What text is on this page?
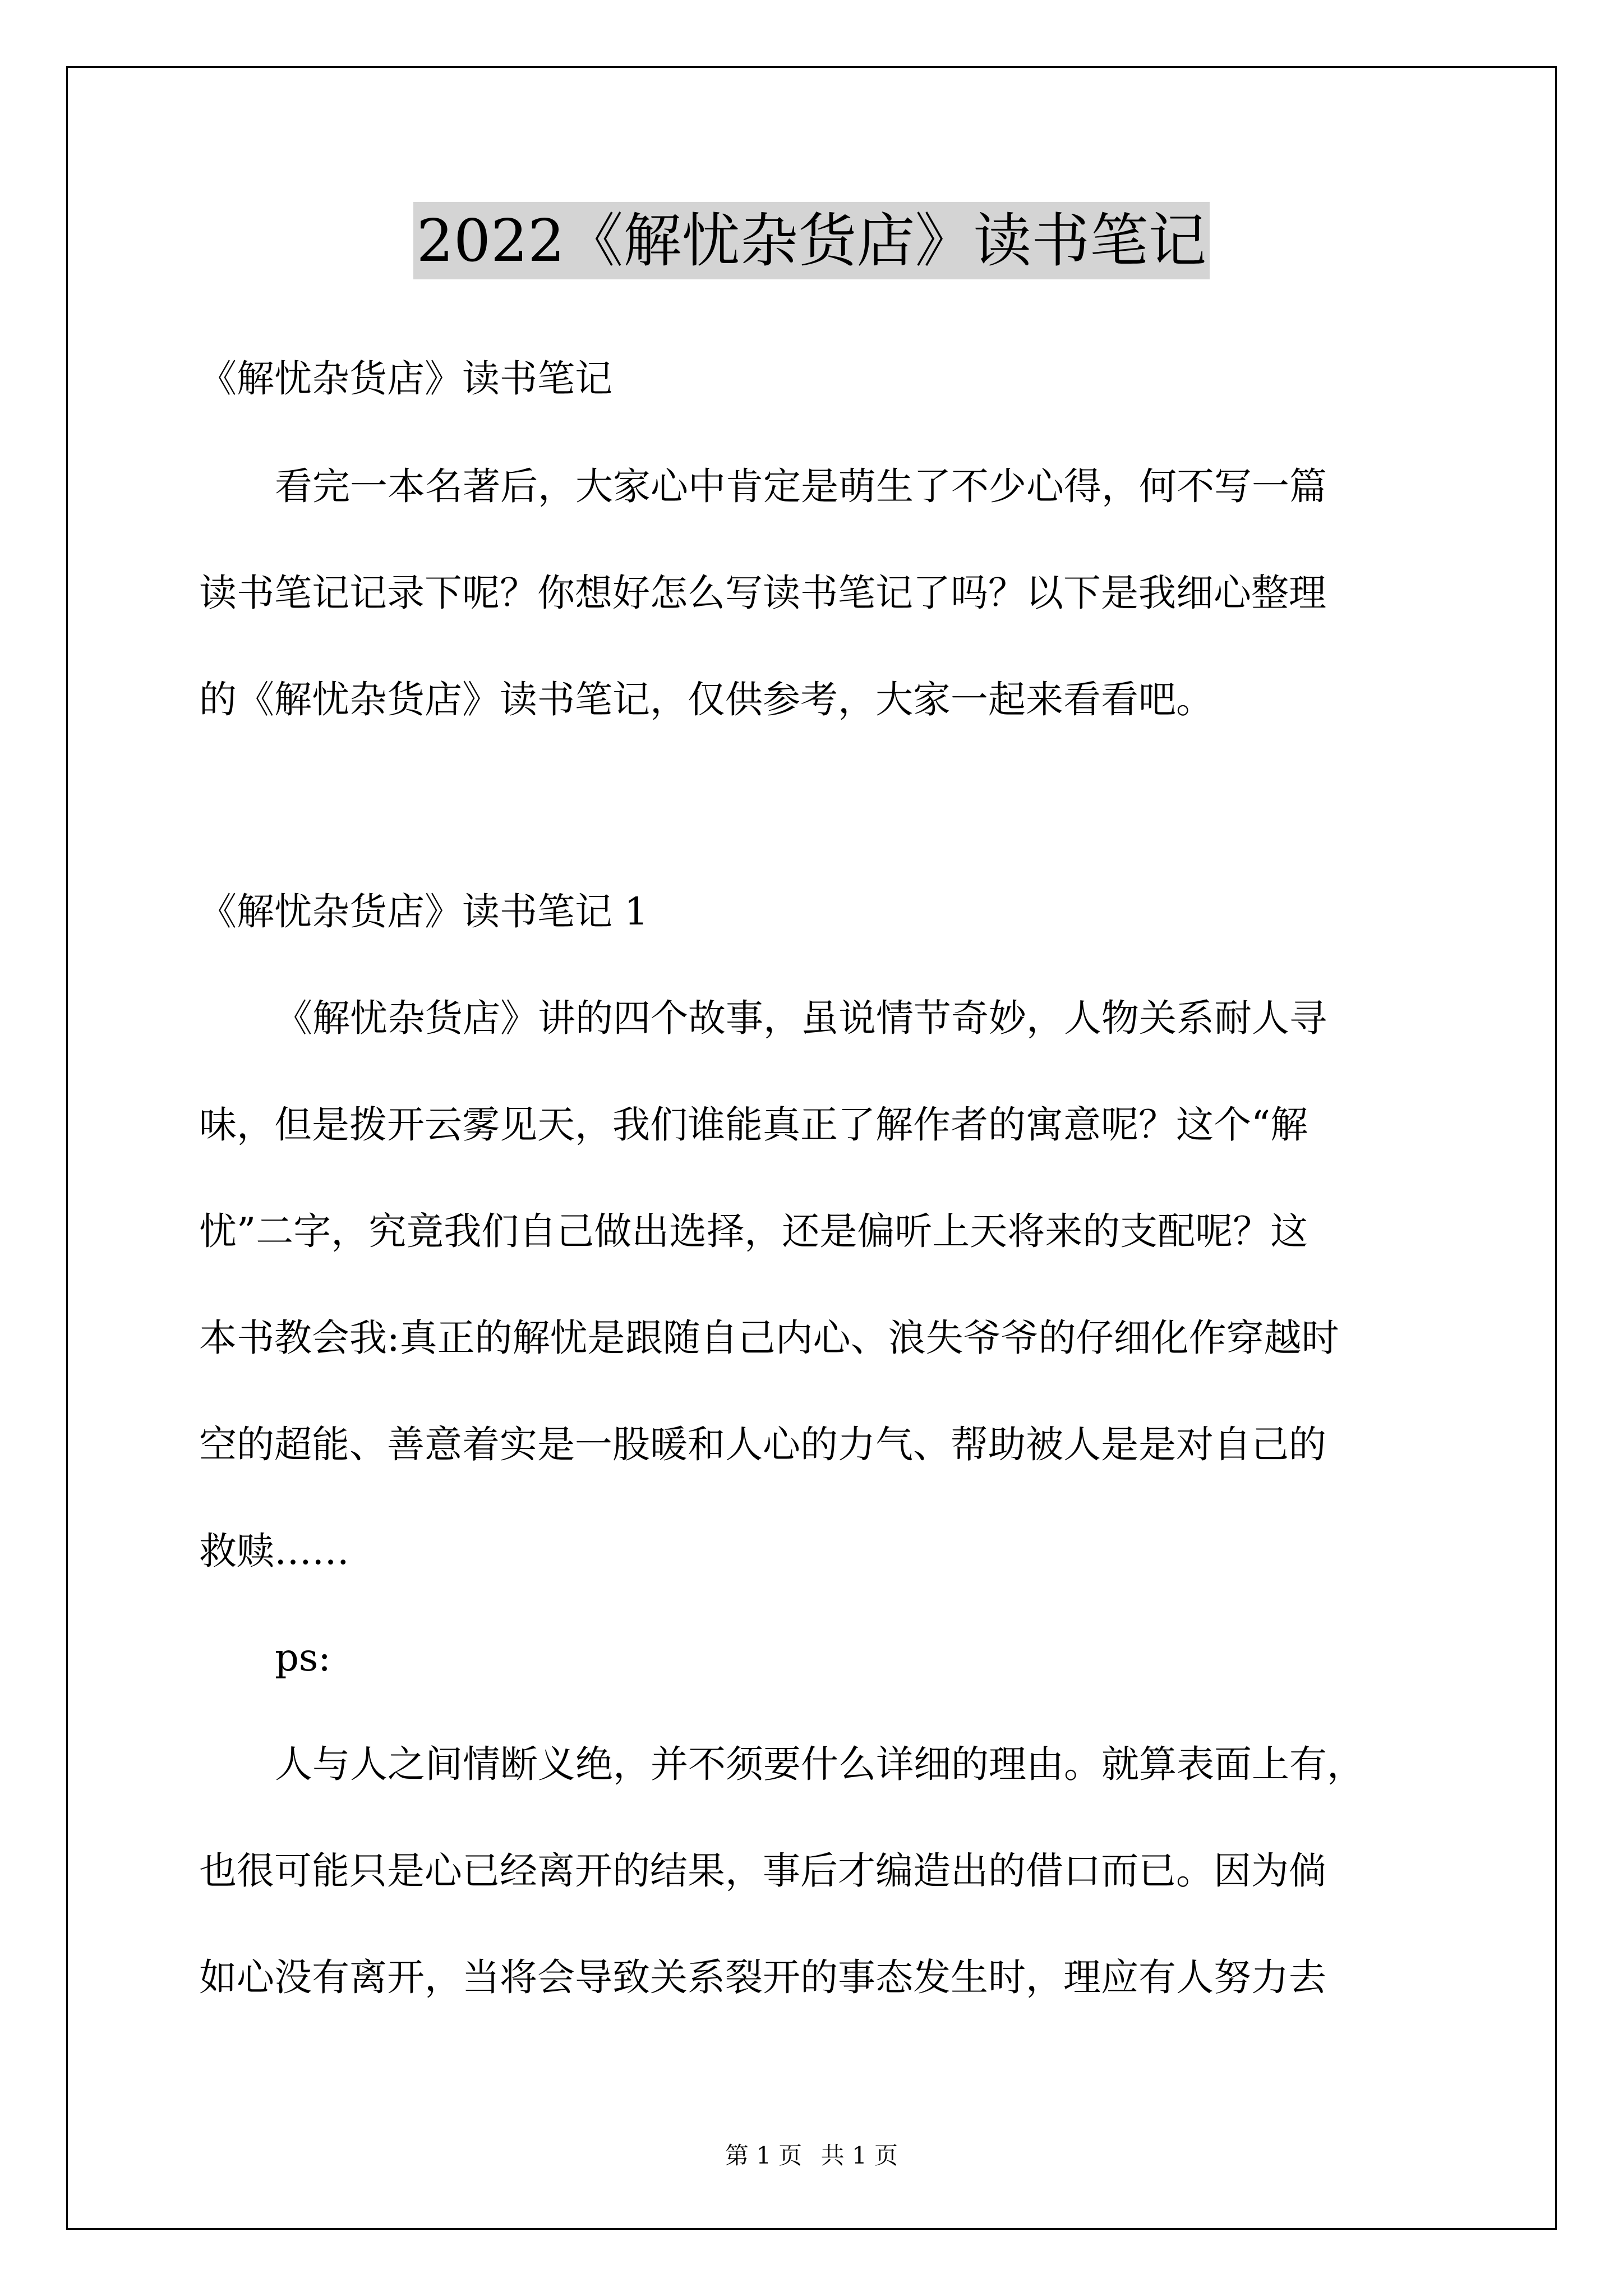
2022《解忧杂货店》读书笔记
《解忧杂货店》读书笔记
看完一本名著后，大家心中肯定是萌生了不少心得，何不写一篇
读书笔记记录下呢？你想好怎么写读书笔记了吗？以下是我细心整理
的《解忧杂货店》读书笔记，仅供参考，大家一起来看看吧。
《解忧杂货店》读书笔记 1
《解忧杂货店》讲的四个故事，虽说情节奇妙，人物关系耐人寻
味，但是拨开云雾见天，我们谁能真正了解作者的寓意呢？这个“解
忧”二字，究竟我们自己做出选择，还是偏听上天将来的支配呢？这
本书教会我:真正的解忧是跟随自己内心、浪失爷爷的仔细化作穿越时
空的超能、善意着实是一股暖和人心的力气、帮助被人是是对自己的
救赎……
ps:
人与人之间情断义绝，并不须要什么详细的理由。就算表面上有，
也很可能只是心已经离开的结果，事后才编造出的借口而已。因为倘
如心没有离开，当将会导致关系裂开的事态发生时，理应有人努力去
第 1 页 共 1 页
